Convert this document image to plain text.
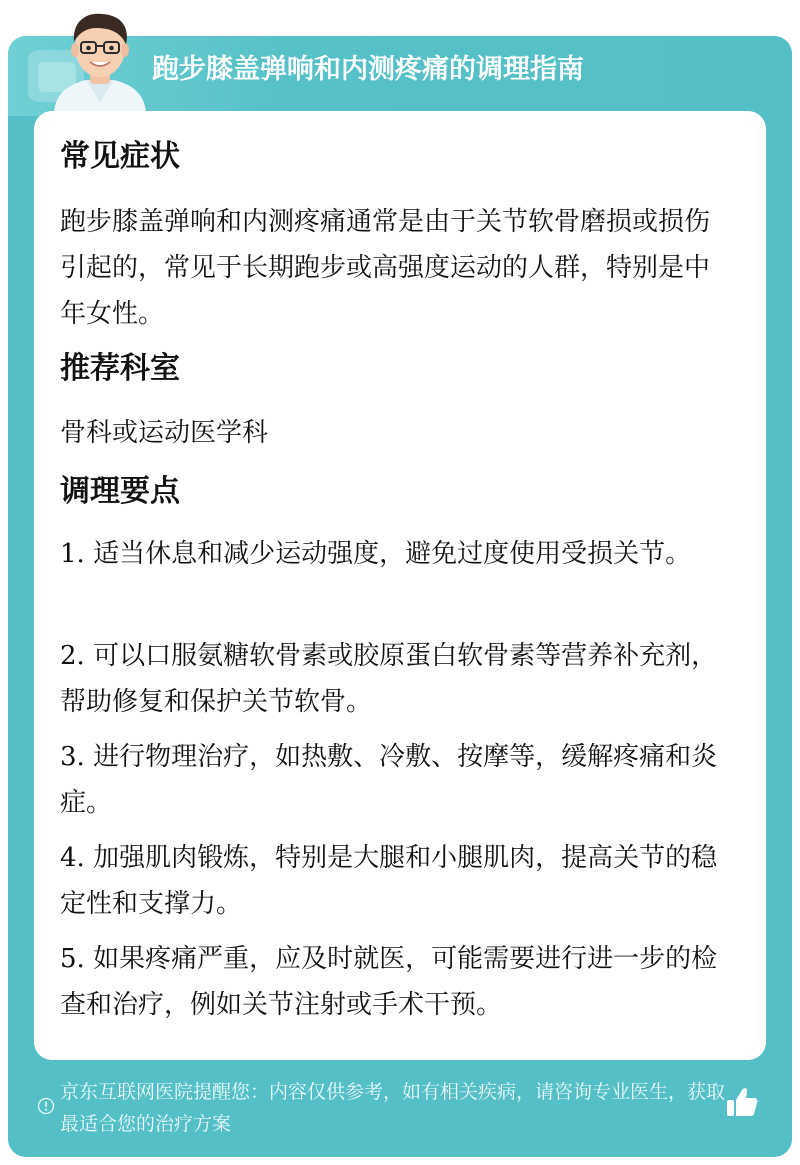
跑步膝盖弹响和内测疼痛的调理指南
常见症状
跑步膝盖弹响和内测疼痛通常是由于关节软骨磨损或损伤引起的，常见于长期跑步或高强度运动的人群，特别是中年女性。
推荐科室
骨科或运动医学科
调理要点
1. 适当休息和减少运动强度，避免过度使用受损关节。
2. 可以口服氨糖软骨素或胶原蛋白软骨素等营养补充剂，帮助修复和保护关节软骨。
3. 进行物理治疗，如热敷、冷敷、按摩等，缓解疼痛和炎症。
4. 加强肌肉锻炼，特别是大腿和小腿肌肉，提高关节的稳定性和支撑力。
5. 如果疼痛严重，应及时就医，可能需要进行进一步的检查和治疗，例如关节注射或手术干预。
京东互联网医院提醒您：内容仅供参考，如有相关疾病，请咨询专业医生，获取最适合您的治疗方案
